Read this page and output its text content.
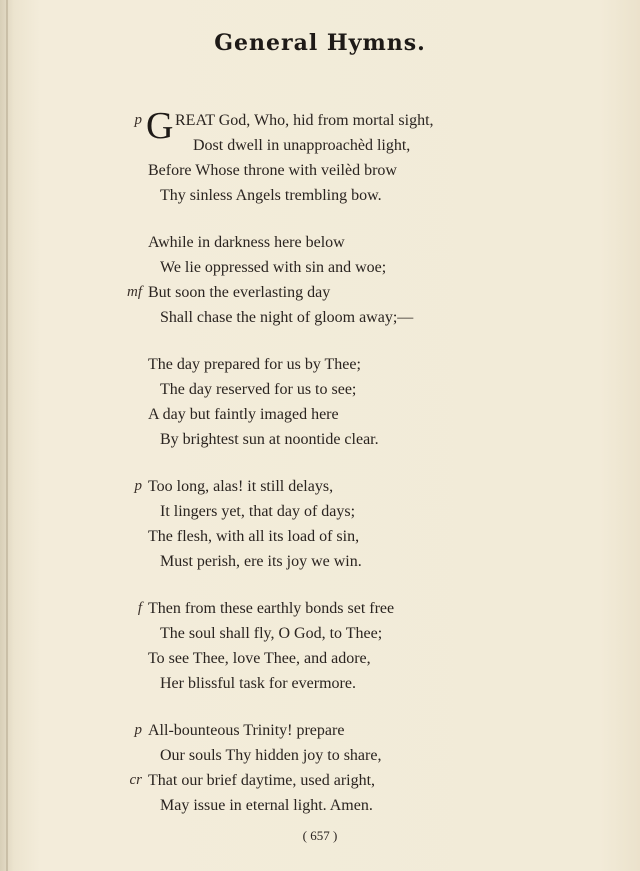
General Hymns.
p G REAT God, Who, hid from mortal sight,
Dost dwell in unapproachèd light,
Before Whose throne with veilèd brow
Thy sinless Angels trembling bow.
Awhile in darkness here below
We lie oppressed with sin and woe;
mf But soon the everlasting day
Shall chase the night of gloom away;—
The day prepared for us by Thee;
The day reserved for us to see;
A day but faintly imaged here
By brightest sun at noontide clear.
p Too long, alas! it still delays,
It lingers yet, that day of days;
The flesh, with all its load of sin,
Must perish, ere its joy we win.
f Then from these earthly bonds set free
The soul shall fly, O God, to Thee;
To see Thee, love Thee, and adore,
Her blissful task for evermore.
p All-bounteous Trinity! prepare
Our souls Thy hidden joy to share,
cr That our brief daytime, used aright,
May issue in eternal light. Amen.
( 657 )
